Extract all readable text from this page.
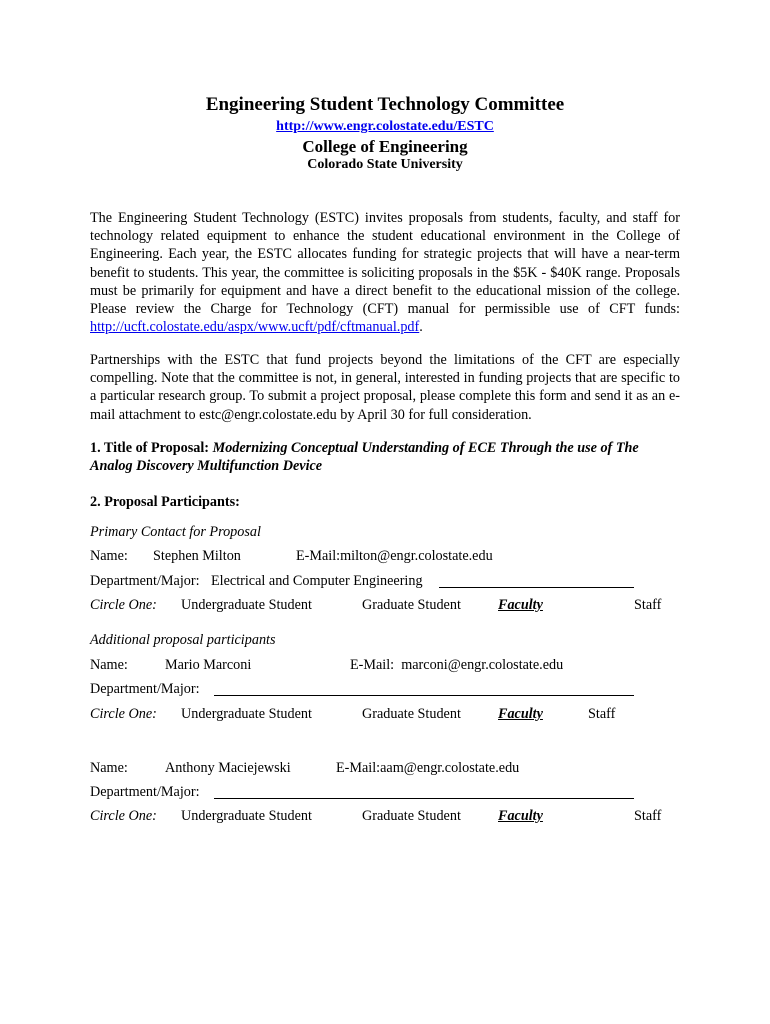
Engineering Student Technology Committee
http://www.engr.colostate.edu/ESTC
College of Engineering
Colorado State University
The Engineering Student Technology (ESTC) invites proposals from students, faculty, and staff for technology related equipment to enhance the student educational environment in the College of Engineering. Each year, the ESTC allocates funding for strategic projects that will have a near-term benefit to students. This year, the committee is soliciting proposals in the $5K - $40K range. Proposals must be primarily for equipment and have a direct benefit to the educational mission of the college. Please review the Charge for Technology (CFT) manual for permissible use of CFT funds: http://ucft.colostate.edu/aspx/www.ucft/pdf/cftmanual.pdf.
Partnerships with the ESTC that fund projects beyond the limitations of the CFT are especially compelling. Note that the committee is not, in general, interested in funding projects that are specific to a particular research group. To submit a project proposal, please complete this form and send it as an e-mail attachment to estc@engr.colostate.edu by April 30 for full consideration.
1. Title of Proposal: Modernizing Conceptual Understanding of ECE Through the use of The
Analog Discovery Multifunction Device
2. Proposal Participants:
Primary Contact for Proposal
Name: Stephen Milton	E-Mail:milton@engr.colostate.edu
Department/Major: Electrical and Computer Engineering
Circle One: Undergraduate Student	Graduate Student	Faculty	Staff
Additional proposal participants
Name:	Mario Marconi	E-Mail:  marconi@engr.colostate.edu
Department/Major:
Circle One: Undergraduate Student	Graduate Student	Faculty	Staff
Name:	Anthony Maciejewski	E-Mail:aam@engr.colostate.edu
Department/Major:
Circle One: Undergraduate Student	Graduate Student	Faculty	Staff
